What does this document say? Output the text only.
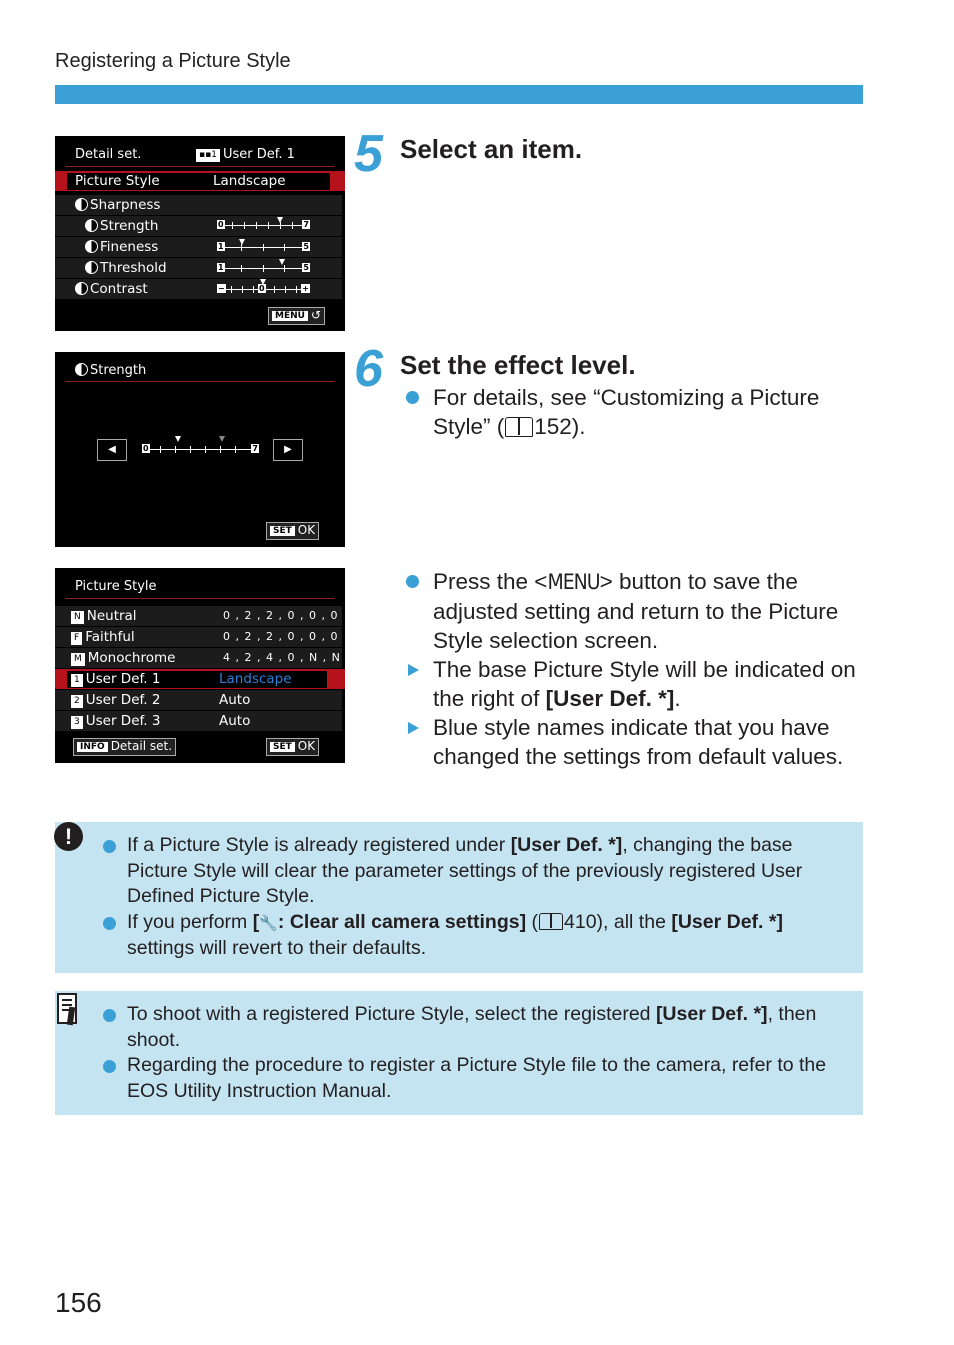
Registering a Picture Style
Detail set.	▪▪1 User Def. 1
Picture Style	Landscape
Sharpness
Strength	0	7
Fineness	1	5
Threshold	1	5
Contrast	−	+
0
MENU ↺
Strength
◀	0	7	▶
SET OK
Picture Style
N Neutral	0 , 2 , 2 , 0 , 0 , 0
F Faithful	0 , 2 , 2 , 0 , 0 , 0
M Monochrome	4 , 2 , 4 , 0 , N , N
1 User Def. 1	Landscape
2 User Def. 2	Auto
3 User Def. 3	Auto
INFO Detail set.	SET OK
5 Select an item.
6 Set the effect level.
For details, see “Customizing a Picture Style” ( 152).
Press the <MENU> button to save the adjusted setting and return to the Picture Style selection screen.
The base Picture Style will be indicated on the right of [User Def. *].
Blue style names indicate that you have changed the settings from default values.
!	If a Picture Style is already registered under [User Def. *], changing the base Picture Style will clear the parameter settings of the previously registered User Defined Picture Style.
If you perform [🔧: Clear all camera settings] ( 410), all the [User Def. *] settings will revert to their defaults.
To shoot with a registered Picture Style, select the registered [User Def. *], then shoot.
Regarding the procedure to register a Picture Style file to the camera, refer to the EOS Utility Instruction Manual.
156
